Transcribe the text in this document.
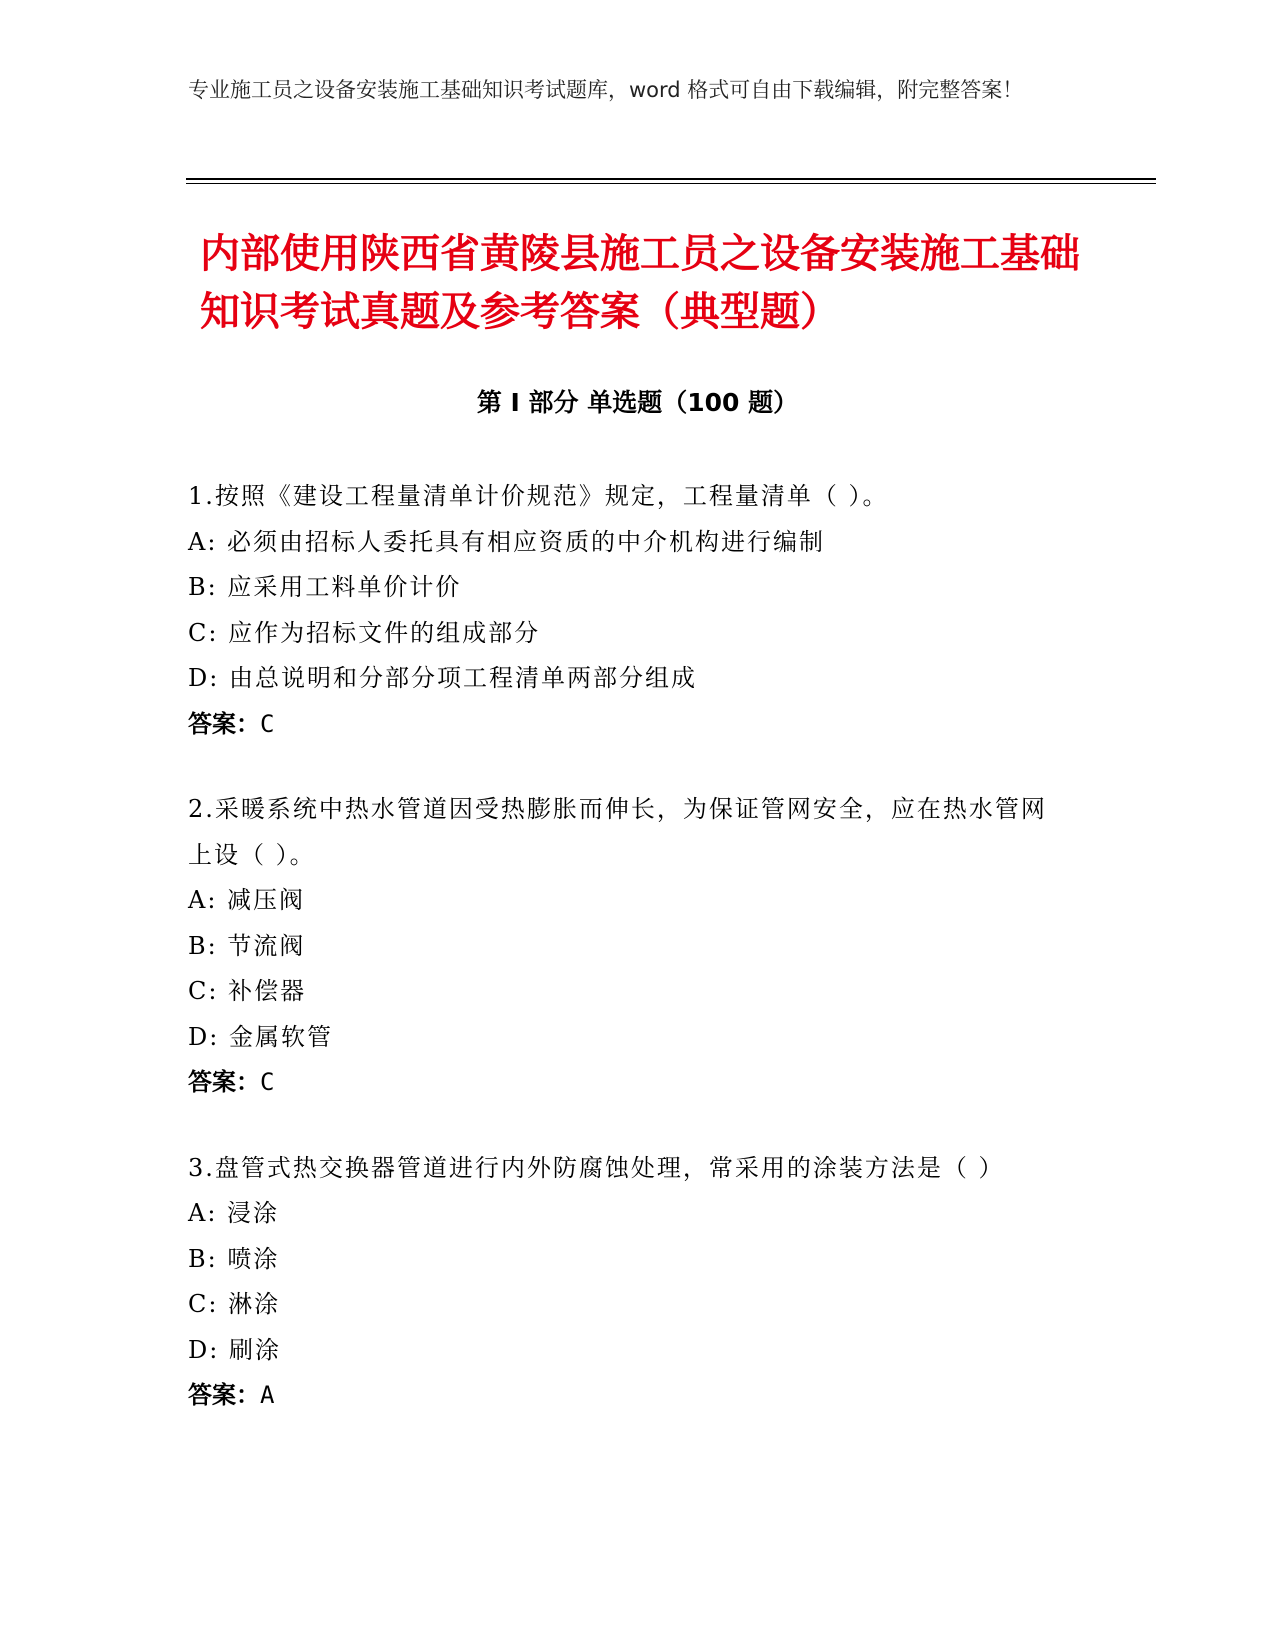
专业施工员之设备安装施工基础知识考试题库，word 格式可自由下载编辑，附完整答案！
内部使用陕西省黄陵县施工员之设备安装施工基础知识考试真题及参考答案（典型题）
第 I 部分 单选题（100 题）
1.按照《建设工程量清单计价规范》规定，工程量清单（ ）。
A: 必须由招标人委托具有相应资质的中介机构进行编制
B: 应采用工料单价计价
C: 应作为招标文件的组成部分
D: 由总说明和分部分项工程清单两部分组成
答案：C
2.采暖系统中热水管道因受热膨胀而伸长，为保证管网安全，应在热水管网上设（ ）。
A: 减压阀
B: 节流阀
C: 补偿器
D: 金属软管
答案：C
3.盘管式热交换器管道进行内外防腐蚀处理，常采用的涂装方法是（ ）
A: 浸涂
B: 喷涂
C: 淋涂
D: 刷涂
答案：A
